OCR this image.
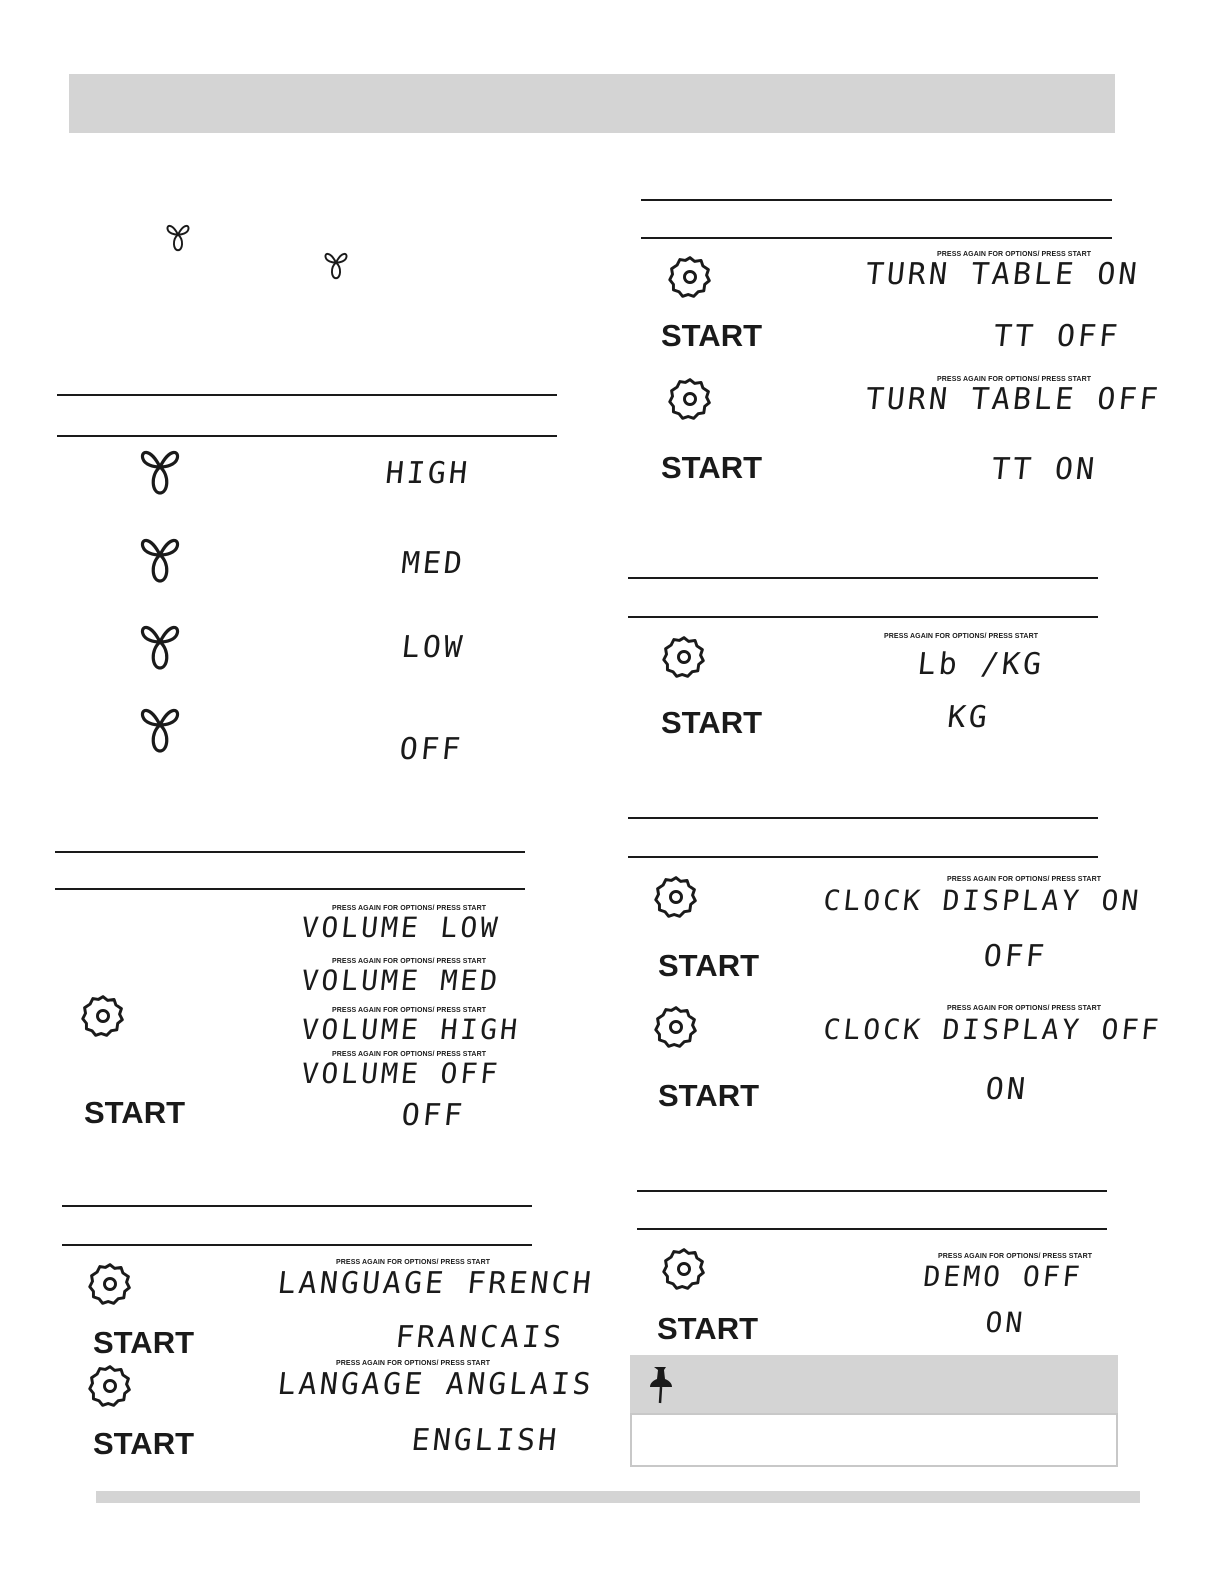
HIGH
MED
LOW
OFF
PRESS AGAIN FOR OPTIONS/ PRESS START
VOLUME LOW
PRESS AGAIN FOR OPTIONS/ PRESS START
VOLUME MED
PRESS AGAIN FOR OPTIONS/ PRESS START
VOLUME HIGH
PRESS AGAIN FOR OPTIONS/ PRESS START
VOLUME OFF
START	OFF
PRESS AGAIN FOR OPTIONS/ PRESS START
LANGUAGE FRENCH
START	FRANCAIS
PRESS AGAIN FOR OPTIONS/ PRESS START
LANGAGE ANGLAIS
START	ENGLISH
PRESS AGAIN FOR OPTIONS/ PRESS START
TURN TABLE ON
START	TT OFF
PRESS AGAIN FOR OPTIONS/ PRESS START
TURN TABLE OFF
START	TT ON
PRESS AGAIN FOR OPTIONS/ PRESS START
Lb /KG
START	KG
PRESS AGAIN FOR OPTIONS/ PRESS START
CLOCK DISPLAY ON
START	OFF
PRESS AGAIN FOR OPTIONS/ PRESS START
CLOCK DISPLAY OFF
START	ON
PRESS AGAIN FOR OPTIONS/ PRESS START
DEMO OFF
START	ON
